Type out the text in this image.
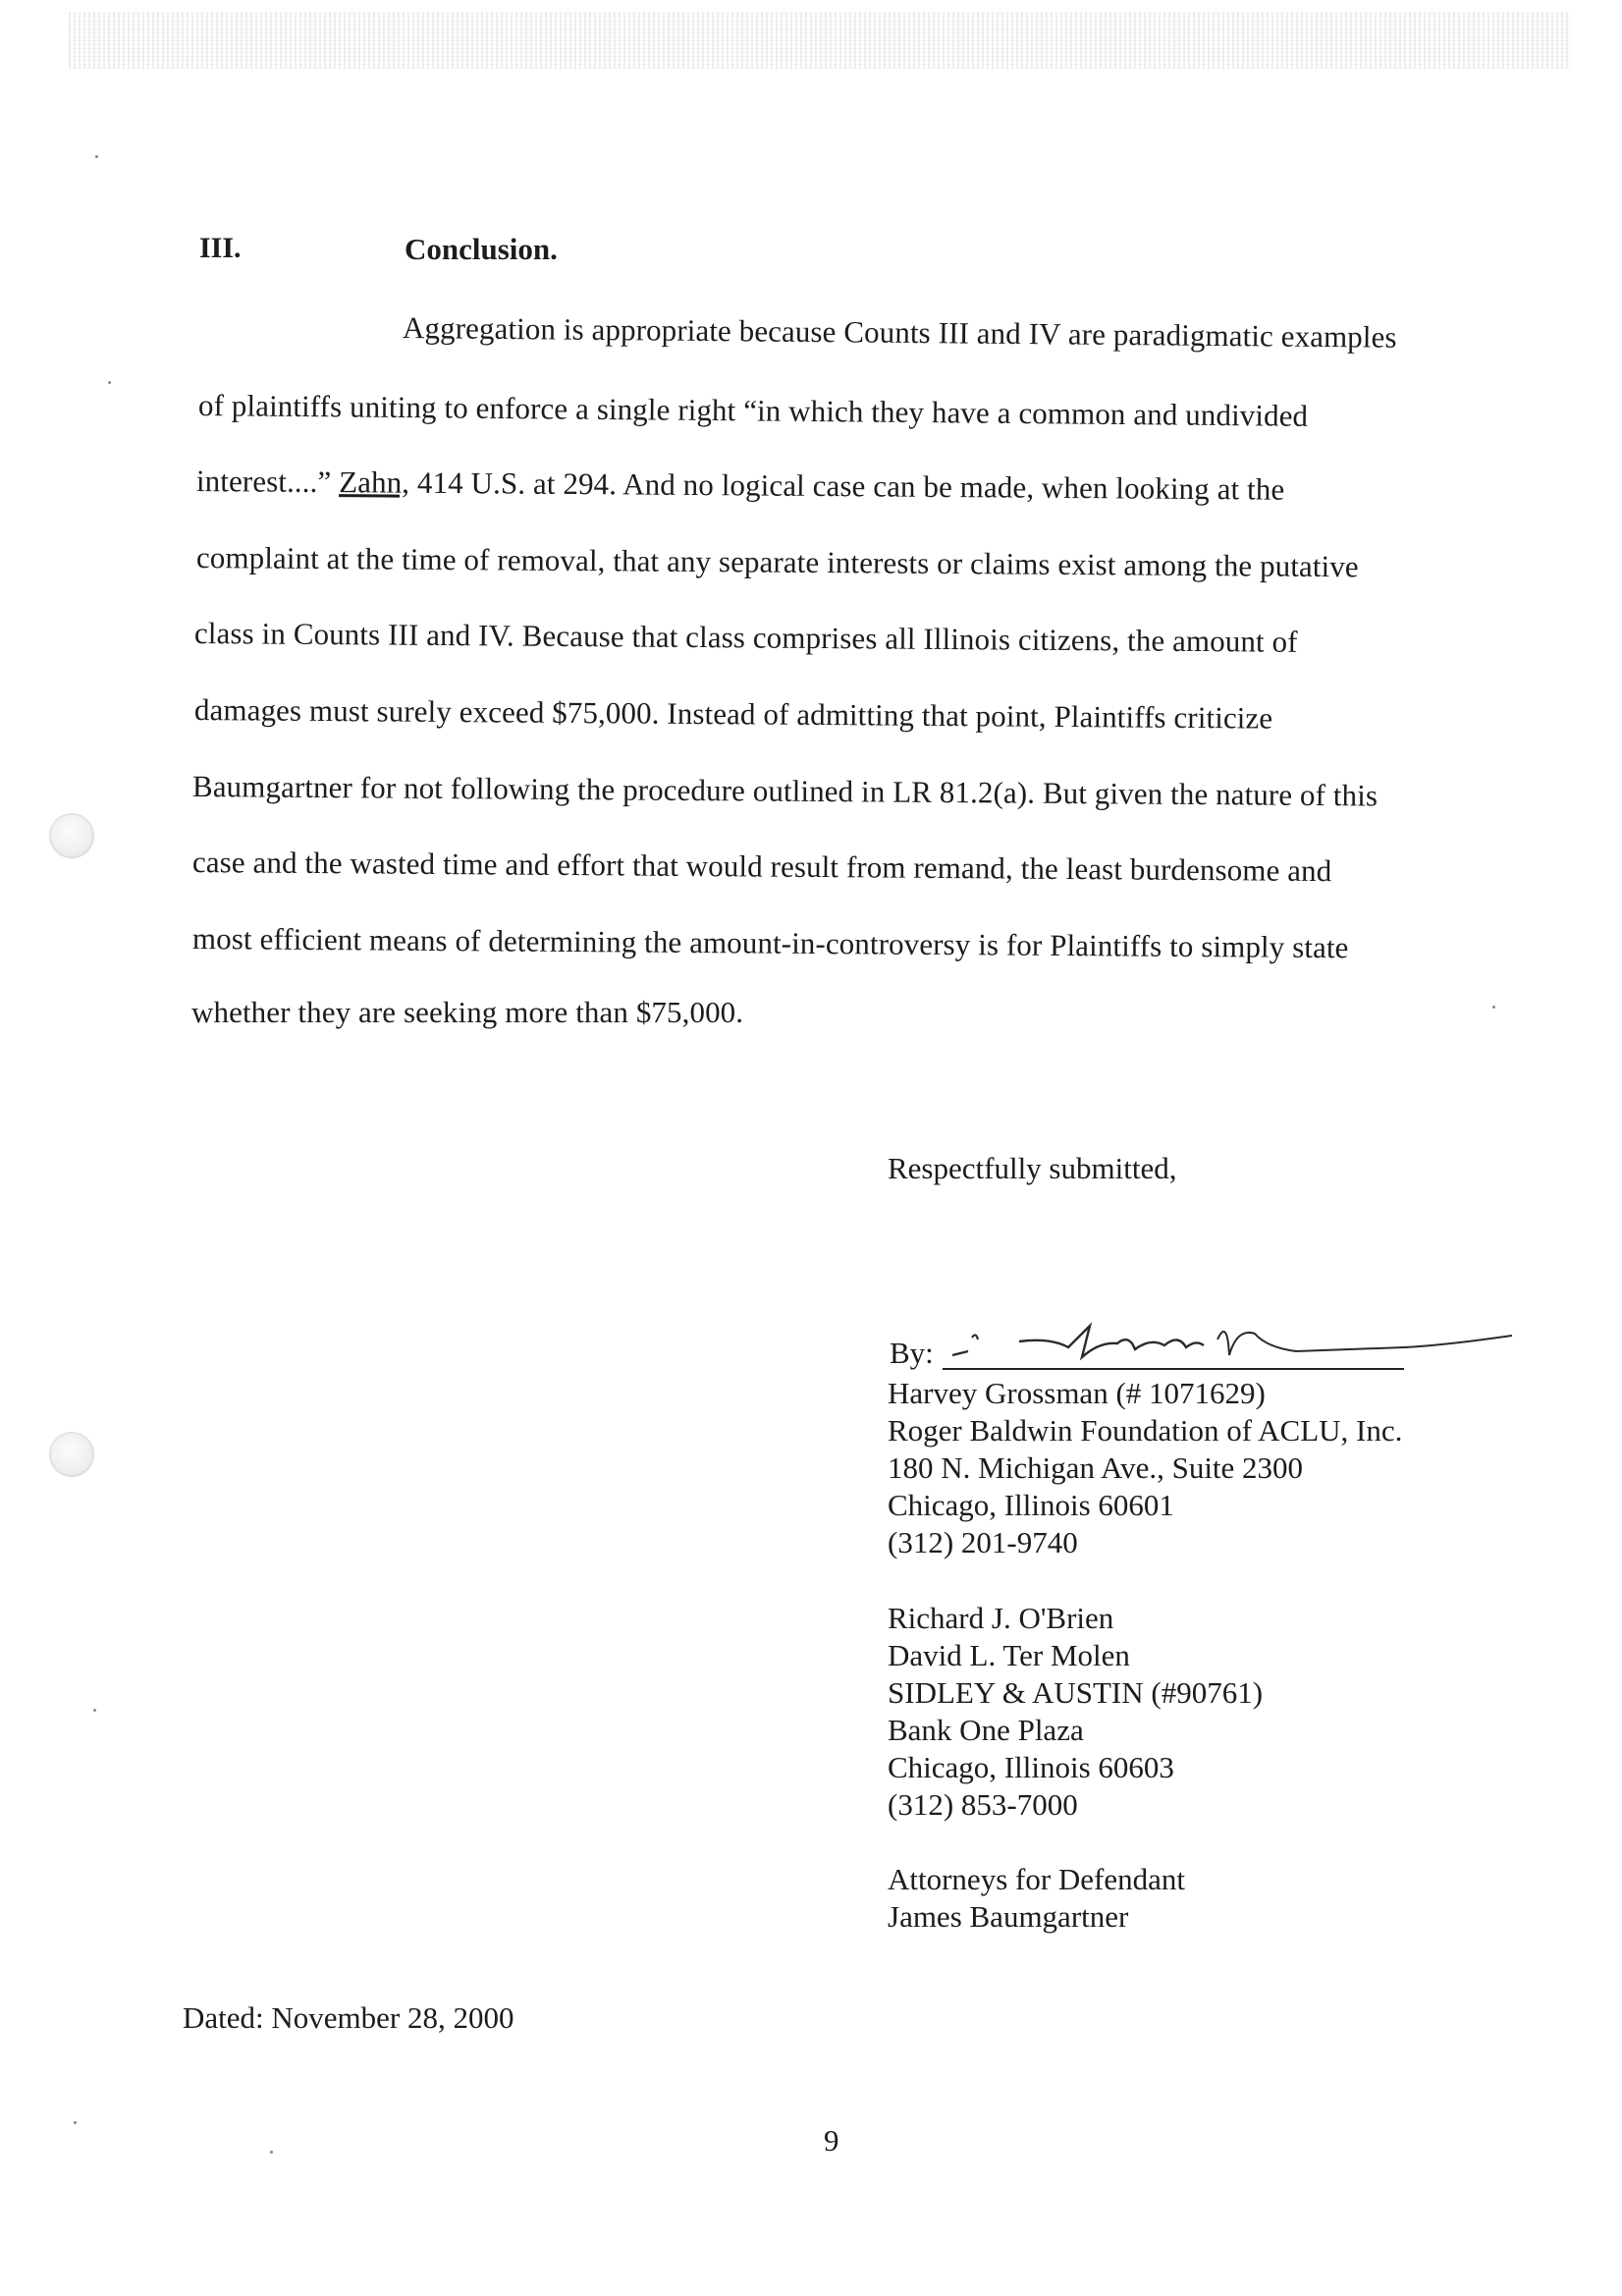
III.	Conclusion.
Aggregation is appropriate because Counts III and IV are paradigmatic examples
of plaintiffs uniting to enforce a single right “in which they have a common and undivided
interest....” Zahn, 414 U.S. at 294. And no logical case can be made, when looking at the
complaint at the time of removal, that any separate interests or claims exist among the putative
class in Counts III and IV. Because that class comprises all Illinois citizens, the amount of
damages must surely exceed $75,000. Instead of admitting that point, Plaintiffs criticize
Baumgartner for not following the procedure outlined in LR 81.2(a). But given the nature of this
case and the wasted time and effort that would result from remand, the least burdensome and
most efficient means of determining the amount-in-controversy is for Plaintiffs to simply state
whether they are seeking more than $75,000.
Respectfully submitted,
By:
Harvey Grossman (# 1071629)
Roger Baldwin Foundation of ACLU, Inc.
180 N. Michigan Ave., Suite 2300
Chicago, Illinois 60601
(312) 201-9740
Richard J. O'Brien
David L. Ter Molen
SIDLEY & AUSTIN (#90761)
Bank One Plaza
Chicago, Illinois 60603
(312) 853-7000
Attorneys for Defendant
James Baumgartner
Dated: November 28, 2000
9
